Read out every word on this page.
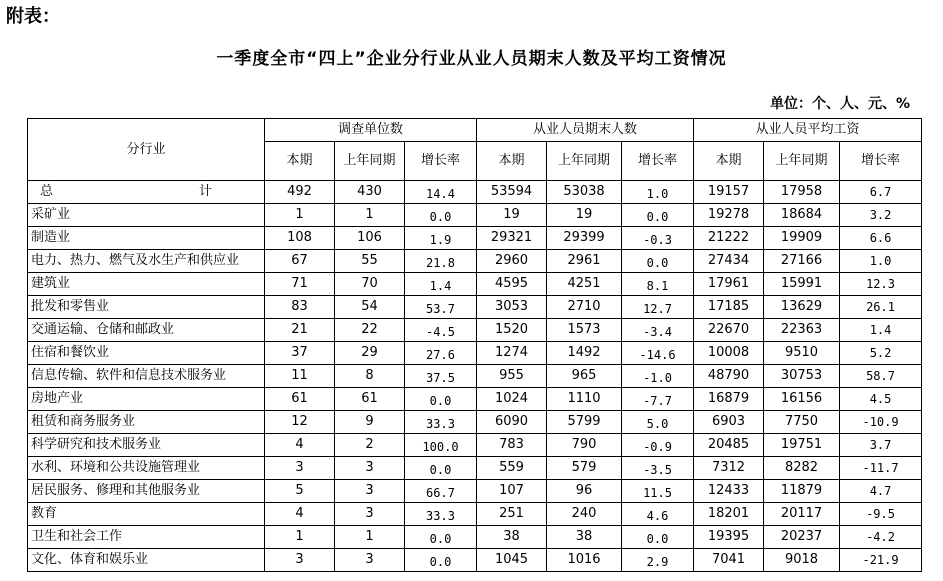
附表：
一季度全市“四上”企业分行业从业人员期末人数及平均工资情况
单位：个、人、元、%
分行业	调查单位数			从业人员期末人数			从业人员平均工资		
	本期	上年同期	增长率	本期	上年同期	增长率	本期	上年同期	增长率
总　　计	492	430	14.4	53594	53038	1.0	19157	17958	6.7
采矿业	1	1	0.0	19	19	0.0	19278	18684	3.2
制造业	108	106	1.9	29321	29399	-0.3	21222	19909	6.6
电力、热力、燃气及水生产和供应业	67	55	21.8	2960	2961	0.0	27434	27166	1.0
建筑业	71	70	1.4	4595	4251	8.1	17961	15991	12.3
批发和零售业	83	54	53.7	3053	2710	12.7	17185	13629	26.1
交通运输、仓储和邮政业	21	22	-4.5	1520	1573	-3.4	22670	22363	1.4
住宿和餐饮业	37	29	27.6	1274	1492	-14.6	10008	9510	5.2
信息传输、软件和信息技术服务业	11	8	37.5	955	965	-1.0	48790	30753	58.7
房地产业	61	61	0.0	1024	1110	-7.7	16879	16156	4.5
租赁和商务服务业	12	9	33.3	6090	5799	5.0	6903	7750	-10.9
科学研究和技术服务业	4	2	100.0	783	790	-0.9	20485	19751	3.7
水利、环境和公共设施管理业	3	3	0.0	559	579	-3.5	7312	8282	-11.7
居民服务、修理和其他服务业	5	3	66.7	107	96	11.5	12433	11879	4.7
教育	4	3	33.3	251	240	4.6	18201	20117	-9.5
卫生和社会工作	1	1	0.0	38	38	0.0	19395	20237	-4.2
文化、体育和娱乐业	3	3	0.0	1045	1016	2.9	7041	9018	-21.9
